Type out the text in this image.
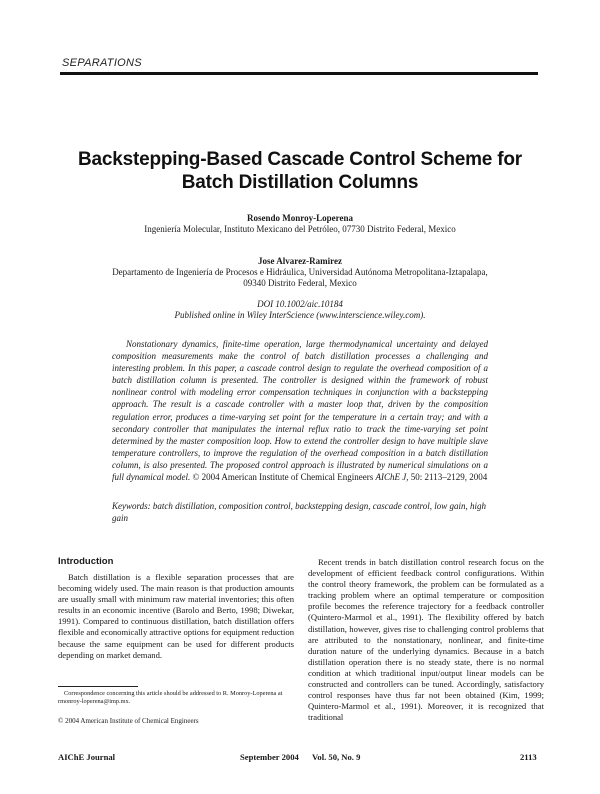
SEPARATIONS
Backstepping-Based Cascade Control Scheme for
Batch Distillation Columns
Rosendo Monroy-Loperena
Ingeniería Molecular, Instituto Mexicano del Petróleo, 07730 Distrito Federal, Mexico
Jose Alvarez-Ramirez
Departamento de Ingeniería de Procesos e Hidráulica, Universidad Autónoma Metropolitana-Iztapalapa,
09340 Distrito Federal, Mexico
DOI 10.1002/aic.10184
Published online in Wiley InterScience (www.interscience.wiley.com).

Nonstationary dynamics, finite-time operation, large thermodynamical uncertainty and delayed composition measurements make the control of batch distillation processes a challenging and interesting problem. In this paper, a cascade control design to regulate the overhead composition of a batch distillation column is presented. The controller is designed within the framework of robust nonlinear control with modeling error compensation techniques in conjunction with a backstepping approach. The result is a cascade controller with a master loop that, driven by the composition regulation error, produces a time-varying set point for the temperature in a certain tray; and with a secondary controller that manipulates the internal reflux ratio to track the time-varying set point determined by the master composition loop. How to extend the controller design to have multiple slave temperature controllers, to improve the regulation of the overhead composition in a batch distillation column, is also presented. The proposed control approach is illustrated by numerical simulations on a full dynamical model. © 2004 American Institute of Chemical Engineers AIChE J, 50: 2113–2129, 2004

Keywords: batch distillation, composition control, backstepping design, cascade control, low gain, high gain
Introduction

Batch distillation is a flexible separation processes that are becoming widely used. The main reason is that production amounts are usually small with minimum raw material inventories; this often results in an economic incentive (Barolo and Berto, 1998; Diwekar, 1991). Compared to continuous distillation, batch distillation offers flexible and economically attractive options for equipment reduction because the same equipment can be used for different products depending on market demand.

Recent trends in batch distillation control research focus on the development of efficient feedback control configurations. Within the control theory framework, the problem can be formulated as a tracking problem where an optimal temperature or composition profile becomes the reference trajectory for a feedback controller (Quintero-Marmol et al., 1991). The flexibility offered by batch distillation, however, gives rise to challenging control problems that are attributed to the nonstationary, nonlinear, and finite-time duration nature of the underlying dynamics. Because in a batch distillation operation there is no steady state, there is no normal condition at which traditional input/output linear models can be constructed and controllers can be tuned. Accordingly, satisfactory control responses have thus far not been obtained (Kim, 1999; Quintero-Marmol et al., 1991). Moreover, it is recognized that traditional

Correspondence concerning this article should be addressed to R. Monroy-Loperena at rmonroy-loperena@imp.mx.
© 2004 American Institute of Chemical Engineers
AIChE Journal	September 2004 Vol. 50, No. 9	2113
